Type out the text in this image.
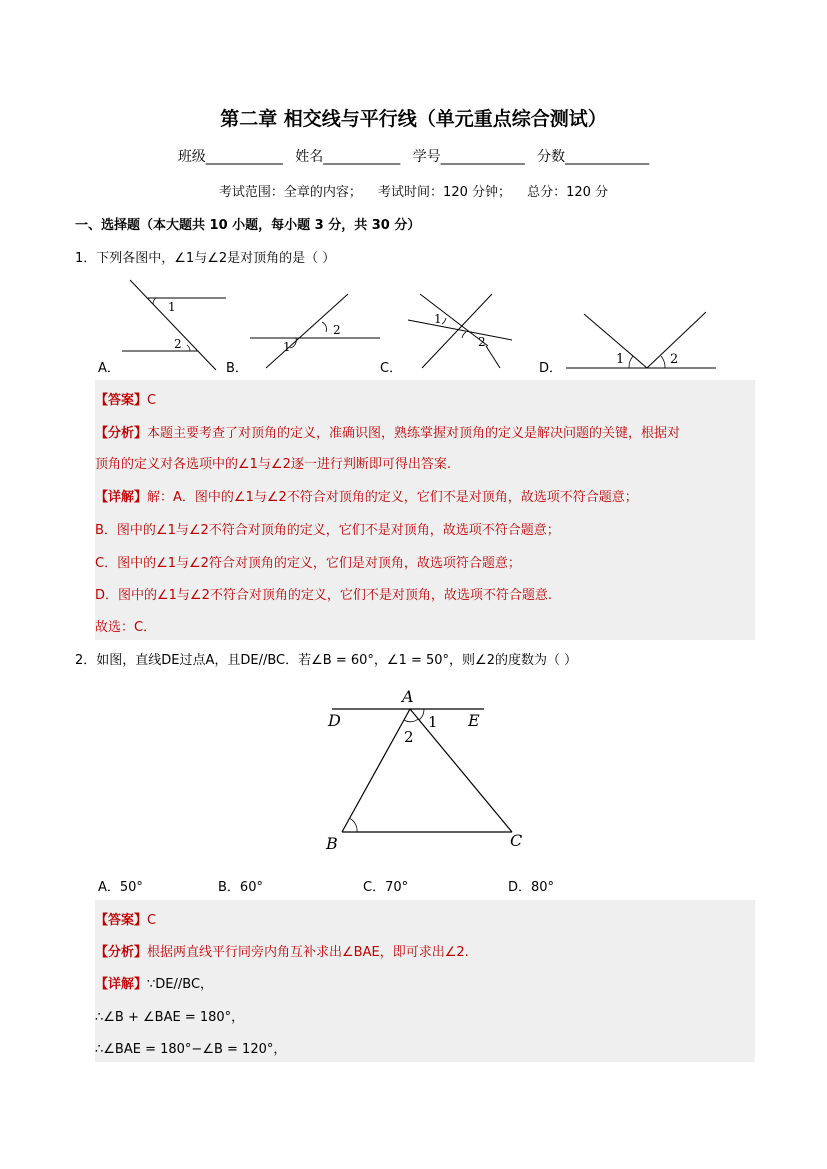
第二章 相交线与平行线（单元重点综合测试）
班级___________ 姓名___________ 学号____________ 分数____________
考试范围：全章的内容； 考试时间：120 分钟； 总分：120 分
一、选择题（本大题共 10 小题，每小题 3 分，共 30 分）
1．下列各图中，∠1与∠2是对顶角的是（ ）
1
2	1
2
1
2
1	2
A．	B．	C．	D．
【答案】C
【分析】本题主要考查了对顶角的定义，准确识图，熟练掌握对顶角的定义是解决问题的关键，根据对
顶角的定义对各选项中的∠1与∠2逐一进行判断即可得出答案.
【详解】解：A．图中的∠1与∠2不符合对顶角的定义，它们不是对顶角，故选项不符合题意；
B．图中的∠1与∠2不符合对顶角的定义，它们不是对顶角，故选项不符合题意；
C．图中的∠1与∠2符合对顶角的定义，它们是对顶角，故选项符合题意；
D．图中的∠1与∠2不符合对顶角的定义，它们不是对顶角，故选项不符合题意.
故选：C．
2．如图，直线DE过点A，且DE//BC．若∠B = 60°，∠1 = 50°，则∠2的度数为（ ）
A
D	E
1
2
B	C
A．50°	B．60°	C．70°	D．80°
【答案】C
【分析】根据两直线平行同旁内角互补求出∠BAE，即可求出∠2.
【详解】∵DE//BC，
∴∠B + ∠BAE = 180°，
∴∠BAE = 180°−∠B = 120°，
